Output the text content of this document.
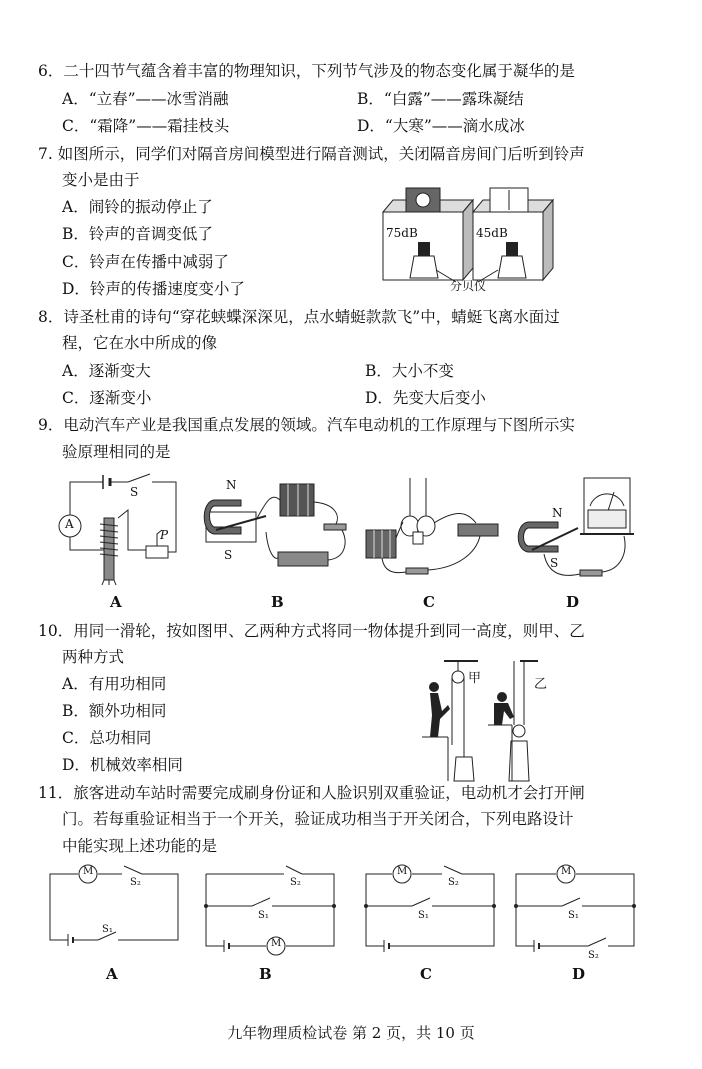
6．二十四节气蕴含着丰富的物理知识，下列节气涉及的物态变化属于凝华的是
A．“立春”——冰雪消融	B．“白露”——露珠凝结
C．“霜降”——霜挂枝头	D．“大寒”——滴水成冰
7. 如图所示，同学们对隔音房间模型进行隔音测试，关闭隔音房间门后听到铃声
变小是由于
A．闹铃的振动停止了
B．铃声的音调变低了
C．铃声在传播中减弱了
D．铃声的传播速度变小了
75dB	45dB
分贝仪
8．诗圣杜甫的诗句“穿花蛱蝶深深见，点水蜻蜓款款飞”中，蜻蜓飞离水面过
程，它在水中所成的像
A．逐渐变大	B．大小不变
C．逐渐变小	D．先变大后变小
9．电动汽车产业是我国重点发展的领域。汽车电动机的工作原理与下图所示实
验原理相同的是
A
S
P
N
S
N
S
A	B	C	D
10．用同一滑轮，按如图甲、乙两种方式将同一物体提升到同一高度，则甲、乙
两种方式
A．有用功相同
B．额外功相同
C．总功相同
D．机械效率相同
甲	乙
11．旅客进动车站时需要完成刷身份证和人脸识别双重验证，电动机才会打开闸
门。若每重验证相当于一个开关，验证成功相当于开关闭合，下列电路设计
中能实现上述功能的是
M
S₂
S₁
M
S₂
S₁
M
S₂
S₁
M
S₁
S₂
A	B	C	D
九年物理质检试卷 第 2 页，共 10 页
